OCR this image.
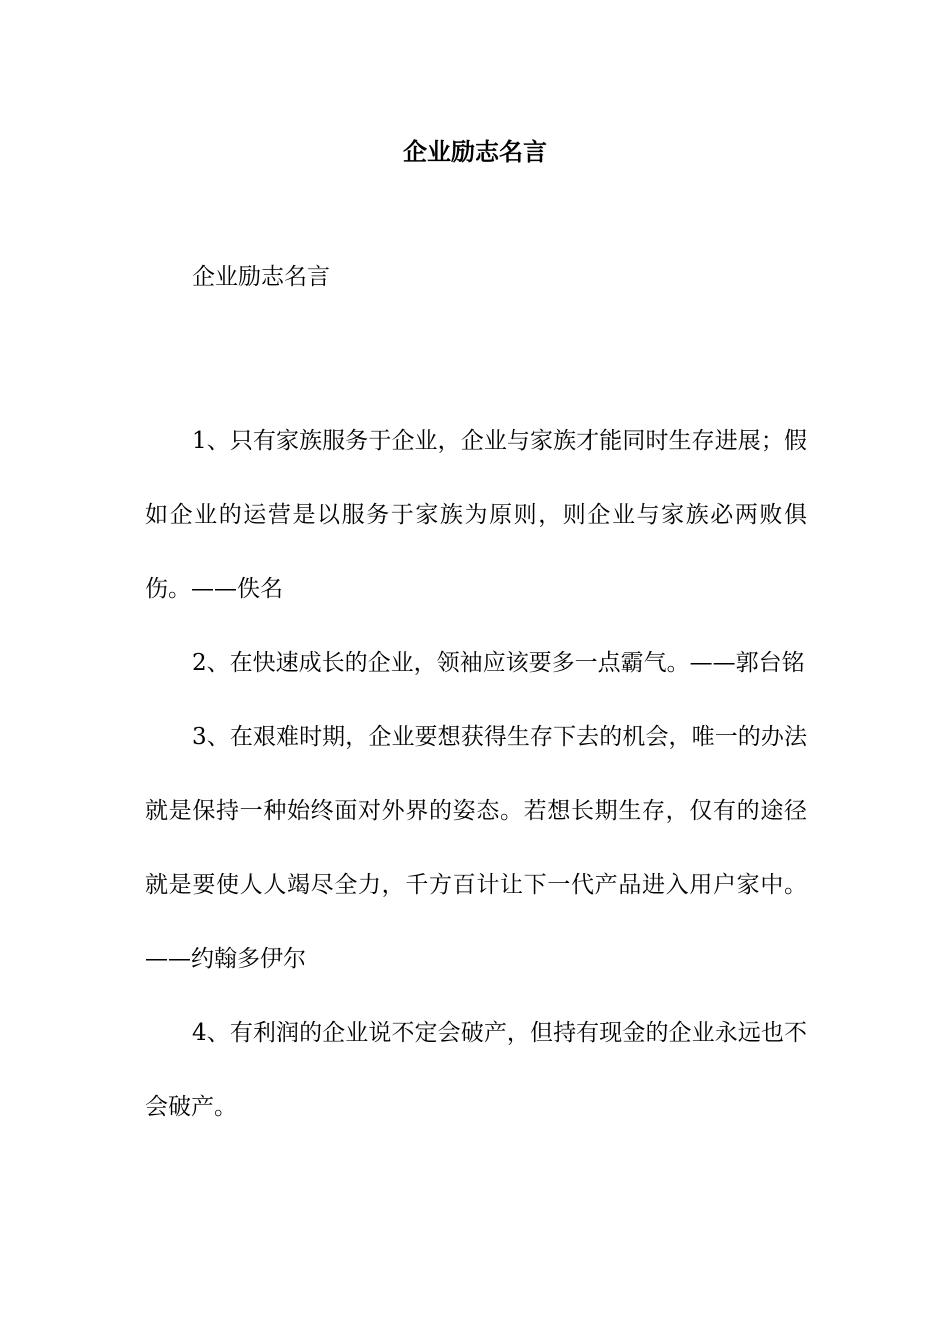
企业励志名言
企业励志名言

1、只有家族服务于企业，企业与家族才能同时生存进展；假如企业的运营是以服务于家族为原则，则企业与家族必两败俱伤。——佚名

2、在快速成长的企业，领袖应该要多一点霸气。——郭台铭

3、在艰难时期，企业要想获得生存下去的机会，唯一的办法就是保持一种始终面对外界的姿态。若想长期生存，仅有的途径就是要使人人竭尽全力，千方百计让下一代产品进入用户家中。——约翰多伊尔

4、有利润的企业说不定会破产，但持有现金的企业永远也不会破产。
